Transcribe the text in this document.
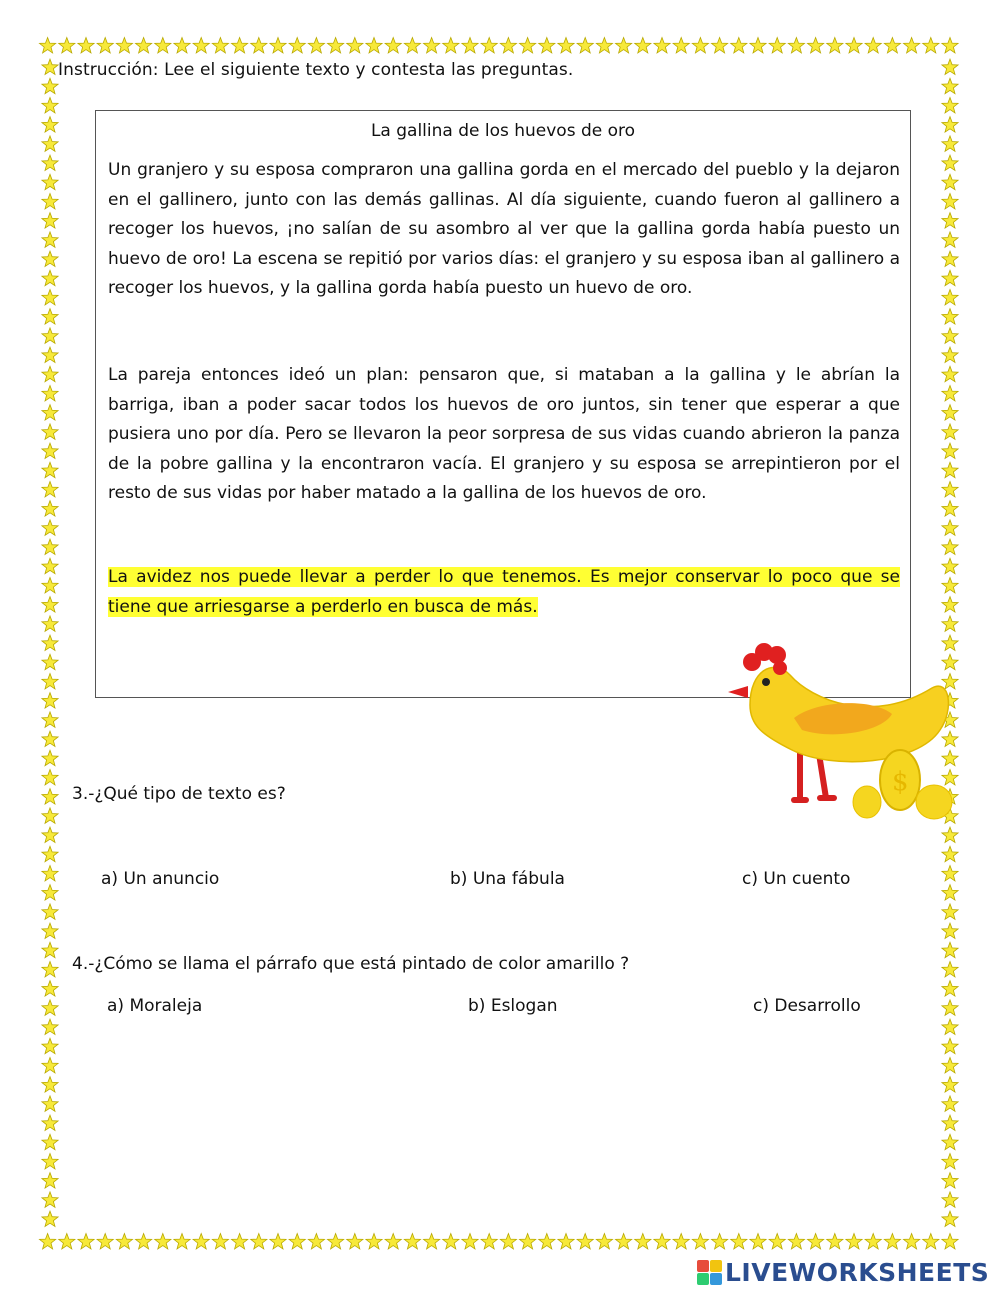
Instrucción: Lee el siguiente texto y contesta las preguntas.
La gallina de los huevos de oro

Un granjero y su esposa compraron una gallina gorda en el mercado del pueblo y la dejaron en el gallinero, junto con las demás gallinas. Al día siguiente, cuando fueron al gallinero a recoger los huevos, ¡no salían de su asombro al ver que la gallina gorda había puesto un huevo de oro! La escena se repitió por varios días: el granjero y su esposa iban al gallinero a recoger los huevos, y la gallina gorda había puesto un huevo de oro.

La pareja entonces ideó un plan: pensaron que, si mataban a la gallina y le abrían la barriga, iban a poder sacar todos los huevos de oro juntos, sin tener que esperar a que pusiera uno por día. Pero se llevaron la peor sorpresa de sus vidas cuando abrieron la panza de la pobre gallina y la encontraron vacía. El granjero y su esposa se arrepintieron por el resto de sus vidas por haber matado a la gallina de los huevos de oro.

La avidez nos puede llevar a perder lo que tenemos. Es mejor conservar lo poco que se tiene que arriesgarse a perderlo en busca de más.

$
3.-¿Qué tipo de texto es?
a) Un anuncio	b) Una fábula	c) Un cuento
4.-¿Cómo se llama el párrafo que está pintado de color amarillo ?
a) Moraleja	b) Eslogan	c) Desarrollo
LIVEWORKSHEETS
